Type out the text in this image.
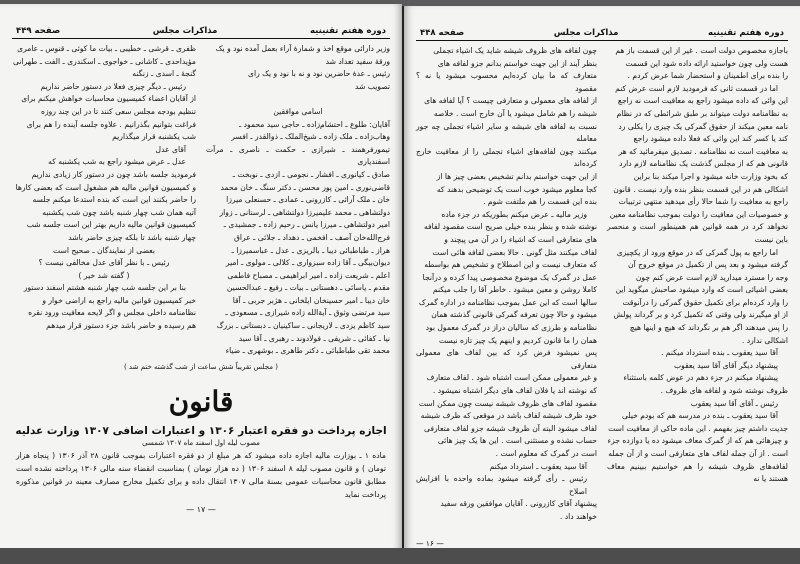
دوره هفتم تقنینیه
مذاکرات مجلس
صفحه ۴۴۹

وزیر دارائی موقع اخذ و شمارهٔ آراء بعمل آمده نود و یک

ورقهٔ سفید تعداد شد

رئیس ـ عدهٔ حاضرین نود و نه با نود و یک رای

تصویب شد

اسامی موافقین

آقایان: طلوع ـ احتشام‌زاده ـ حاجی سید محمود ـ

وهاب‌زاده ـ ملک زاده ـ شیخ‌الملک ـ ذوالقدر ـ افسر

تیمورفرهمند ـ شیرازی ـ حکمت ـ ناصری ـ مرآت اسفندیاری

صادق ـ کیانوری ـ افشار ـ نجومی ـ ازدی ـ نوبخت ـ

قاضی‌نوری ـ امین پور محسن ـ دکتر سنگ ـ خان محمد

خان ـ ملک آرائی ـ کازرونی ـ عمادی ـ حسنعلی میرزا

دولتشاهی ـ محمد علیمیرزا دولتشاهی ـ لرستانی ـ زوار

امیر دولتشاهی ـ میرزا یانس ـ رحیم زاده ـ جمشیدی ـ

فرج‌الله‌خان آصف ـ افخمی ـ دهداد ـ جلائی ـ عراق

هراز ـ طباطبائی دیبا ـ بالریزی ـ عدل ـ عباسمیرزا ـ

دیوان‌بیگی ـ آقا زاده سبزواری ـ کلالی ـ مولوی ـ امیر

اعلم ـ شریعت زاده ـ امیر ابراهیمی ـ مصباح فاطمی

مقدم ـ یاسائی ـ دهستانی ـ بیات ـ رفیع ـ عبدالحسین

خان دیبا ـ امیر حسینخان ایلخانی ـ هژبر جربی ـ آقا

سید مرتضی وثوق ـ آیة‌الله زاده شیرازی ـ مسعودی ـ

سید کاظم یزدی ـ لاریجانی ـ ساکینیان ـ دبستانی ـ بزرگ

نیا ـ کفائی ـ شریفی ـ فولادوند ـ رهبری ـ آقا سید

محمد تقی طباطبائی ـ دکتر طاهری ـ بوشهری ـ ضیاء

ظفری ـ قرشی ـ خطیبی ـ بیات ما کوئی ـ قنوس ـ عامری

مؤیداحدی ـ کاشانی ـ خواجوی ـ اسکندری ـ الفت ـ طهرانی

گنجهٔ ـ اسدی ـ زنگنه

رئیس ـ دیگر چیزی فعلا در دستور حاضر نداریم

از آقایان اعضاء کمیسیون محاسبات خواهش میکنم برای

تنظیم بودجه مجلس سعی کنند تا در این چند روزه

فراغت بتوانیم بگذرانیم . علاوه جلسه آینده را هم برای

شب یکشنبه قرار میگذاریم

آقای عدل

عدل ـ عرض میشود راجع به شب یکشنبه که

فرمودید جلسه باشد چون در دستور کار زیادی نداریم

و کمیسیون قوانین مالیه هم مشغول است که بعضی کارها

را حاضر بکنند این است که بنده استدعا میکنم جلسه

آتیه همان شب چهار شنبه باشد چون شب یکشنبه

کمیسیون قوانین مالیه داریم بهتر این است جلسه شب

چهار شنبه باشد تا بلکه چیزی حاضر باشد

بعضی از نمایندگان ـ صحیح است

رئیس ـ با نظر آقای عدل مخالفی نیست ؟

( گفته شد خیر )

بنا بر این جلسه شب چهار شنبه هشتم اسفند دستور

خبر کمیسیون قوانین مالیه راجع به اراضی خوار و

نظامنامه داخلی مجلس و اگر لایحه معافیت ورود نقره

هم رسیده و حاضر باشد جزء دستور قرار میدهم

( مجلس تقریباً شش ساعت از شب گذشته ختم شد )
قانون
اجازه پرداخت دو فقره اعتبار ۱۳۰۶ و اعتبارات اضافی ۱۳۰۷ وزارت عدلیه
مصوب لیله اول اسفند ماه ۱۳۰۷ شمسی
ماده ۱ ـ بوزارت مالیه اجازه داده میشود که هر مبلغ از دو فقره اعتبارات بموجب قانون ۲۸ آذر ۱۳۰۶ ( پنجاه هزار تومان ) و قانون مصوب لیله ۸ اسفند ۱۳۰۶ ( ده هزار تومان ) بمناسبت انقضاء سنه مالی ۱۳۰۶ پرداخته نشده است مطابق قانون محاسبات عمومی بسنهٔ مالی ۱۳۰۷ انتقال داده و برای تکمیل مخارج مصارف معینه در قوانین مذکوره پرداخت نماید
— ۱۷ —
دوره هفتم تقنینیه
مذاکرات مجلس
صفحه ۴۴۸

باجازه مخصوص دولت است . غیر از این قسمت باز هم

هست ولی چون خواستید ارائه داده شود این قسمت

را بنده برای اطمینان و استحضار شما عرض کردم .

اما در قسمت ثانی که فرمودید لازم است عرض کنم

این وائی که داده میشود راجع به معافیت است نه راجع

به نظامنامه دولت میتواند بر طبق شرائطی که در نظام

نامه معین میکند از حقوق گمرکی یک چیزی را یکلی رد

کند یا کسر کند این وائی که فعلا داده میشود راجع

به معافیت است نه نظامنامه . تصدیق میفرمائید که هر

قانونی هم که از مجلس گذشت یک نظامنامه لازم دارد

که بخود وزارت خانه میشود و اجرا میکند بنا براین

اشکالی هم در این قسمت بنظر بنده وارد نیست . قانون

راجع به معافیت را شما حالا رأی میدهید منتهی ترتیبات

و خصوصیات این معافیت را دولت بموجب نظامنامه معین

نخواهد کرد در همه قوانین هم همینطور است و منحصر باین نیست

اما راجع به پول گمرکی که در موقع ورود از یکچیزی

گرفته میشود و بعد پس از تکمیل در موقع خروج آن

وجه را مسترد میدارید لازم است عرض کنم چون

بعضی اشیائی است که وارد میشود صاحبش میگوید این

را وارد کرده‌ام برای تکمیل حقوق گمرکی را درآنوقت

از او میگیرند ولی وقتی که تکمیل کرد و بر گرداند پولش

را پس میدهند اگر هم بر نگرداند که هیچ و اینها هیچ

اشکالی ندارد .

آقا سید یعقوب ـ بنده استرداد میکنم .

پیشنهاد دیگر آقای آقا سید یعقوب

پیشنهاد میکنم در جزء دهم در عوض کلمه باستثناء

ظروف نوشته شود و لفافه های ظروف .

رئیس ـ آقای آقا سید یعقوب

آقا سید یعقوب ـ بنده در مدرسه هم که بودم خیلی

جدیت داشتم چیز بفهمم . این ماده حاکی از معافیت است

و چیزهائی هم که از گمرک معاف میشود ده یا دوازده جزء

است . از آن جمله لفاف های متعارفی است و از آن جمله

لفافه‌های ظروف شیشه را هم خواستیم ببینیم معاف هستند یا نه

چون لفافه های ظروف شیشه شاید یک اشیاء تجملی

بنظر آیند از این جهت خواستم بدانم جزو لفافه های

متعارف که ما بیان کرده‌ایم محسوب میشود یا نه ؟ مقصود

از لفافه های معمولی و متعارفی چیست ؟ آیا لفافه های

شیشه را هم شامل میشود یا آن خارج است . خلاصه

نسبت به لفافه های شیشه و سایر اشیاء تجملی چه جور معامله

میکنند چون لفافه‌های اشیاء تجملی را از معافیت خارج کرده‌اند

از این جهت خواستم بدانم تشخیص بعضی چیز ها از

کجا معلوم میشود خوب است یک توضیحی بدهند که

بنده این قسمت را هم ملتفت شوم .

وزیر مالیه ـ عرض میکنم بطوریکه در جزء ماده

نوشته شده و بنظر بنده خیلی صریح است مقصود لفافه

های متعارفی است که اشیاء را در آن می پیچند و

لفاف میکنند مثل گونی . حالا بعضی لفافه هائی است

که متعارف نیست و این اصطلاح و تشخیص هم بواسطه

عمل در گمرک یک موضوع مخصوصی پیدا کرده و درآنجا

کاملا روشن و معین میشود . خاطر آقا را جلب میکنم

سالها است که این عمل بموجب نظامنامه در اداره گمرک

میشود و حالا چون تعرفه گمرکی قانونی گذشته همان

نظامنامه و طرزی که سالیان دراز در گمرک معمول بود

همان را ما قانون کردیم و اینهم یک چیز تازه نیست

پس نمیشود فرض کرد که بین لفاف های معمولی متعارفی

و غیر معمولی ممکن است اشتباه شود . لفاف متعارف

که نوشته اند یا فلان لفاف های دیگر اشتباه نمیشود .

مقصود لفاف های ظروف شیشه نیست چون ممکن است

خود ظرف شیشه لفاف باشد در موقعی که ظرف شیشه

لفاف میشود البته آن ظروف شیشه جزو لفاف متعارفی

حساب نشده و مستثنی است . این ها یک چیز هائی

است در گمرک که معلوم است .

آقا سید یعقوب ـ استرداد میکنم

رئیس ـ رأی گرفته میشود بماده واحده با افزایش اصلاح

پیشنهاد آقای کازرونی . آقایان موافقین ورقه سفید

خواهند داد .

— ۱۶ —
